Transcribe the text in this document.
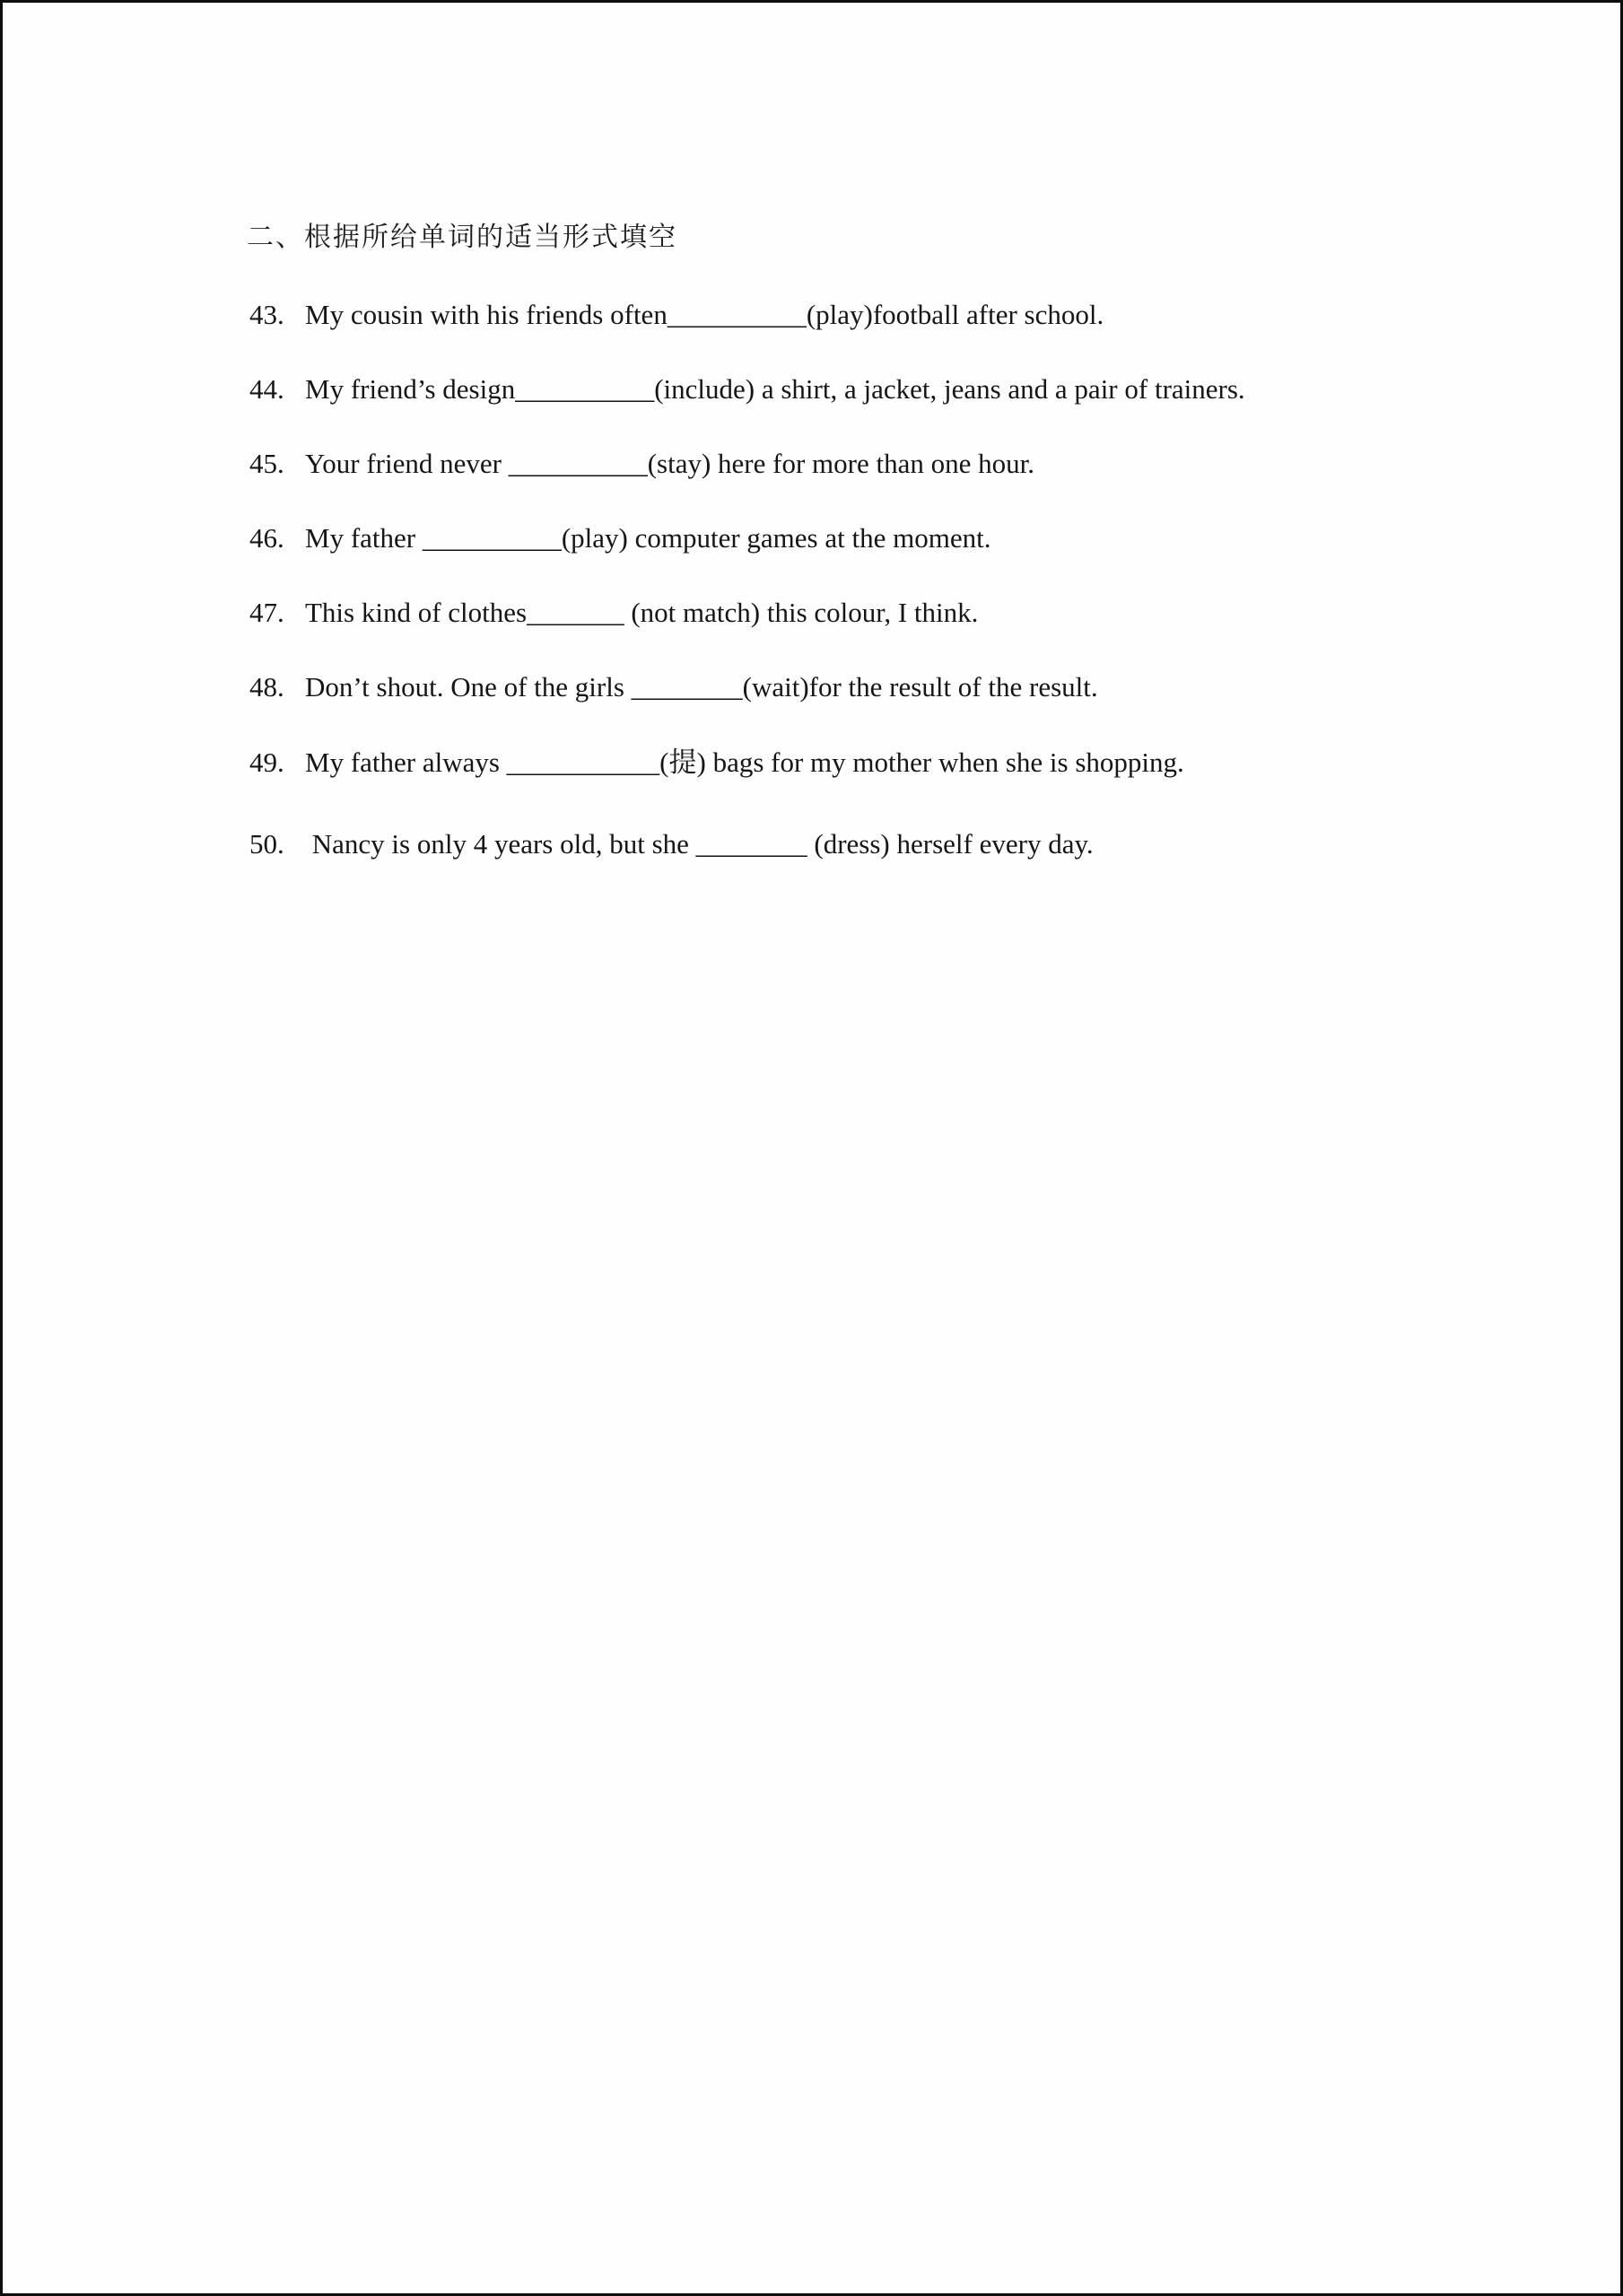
二、根据所给单词的适当形式填空
43. My cousin with his friends often__________(play)football after school.
44. My friend’s design__________(include) a shirt, a jacket, jeans and a pair of trainers.
45. Your friend never __________(stay) here for more than one hour.
46. My father __________(play) computer games at the moment.
47. This kind of clothes_______ (not match) this colour, I think.
48. Don’t shout. One of the girls ________(wait)for the result of the result.
49. My father always ___________(提) bags for my mother when she is shopping.
50. Nancy is only 4 years old, but she ________ (dress) herself every day.
